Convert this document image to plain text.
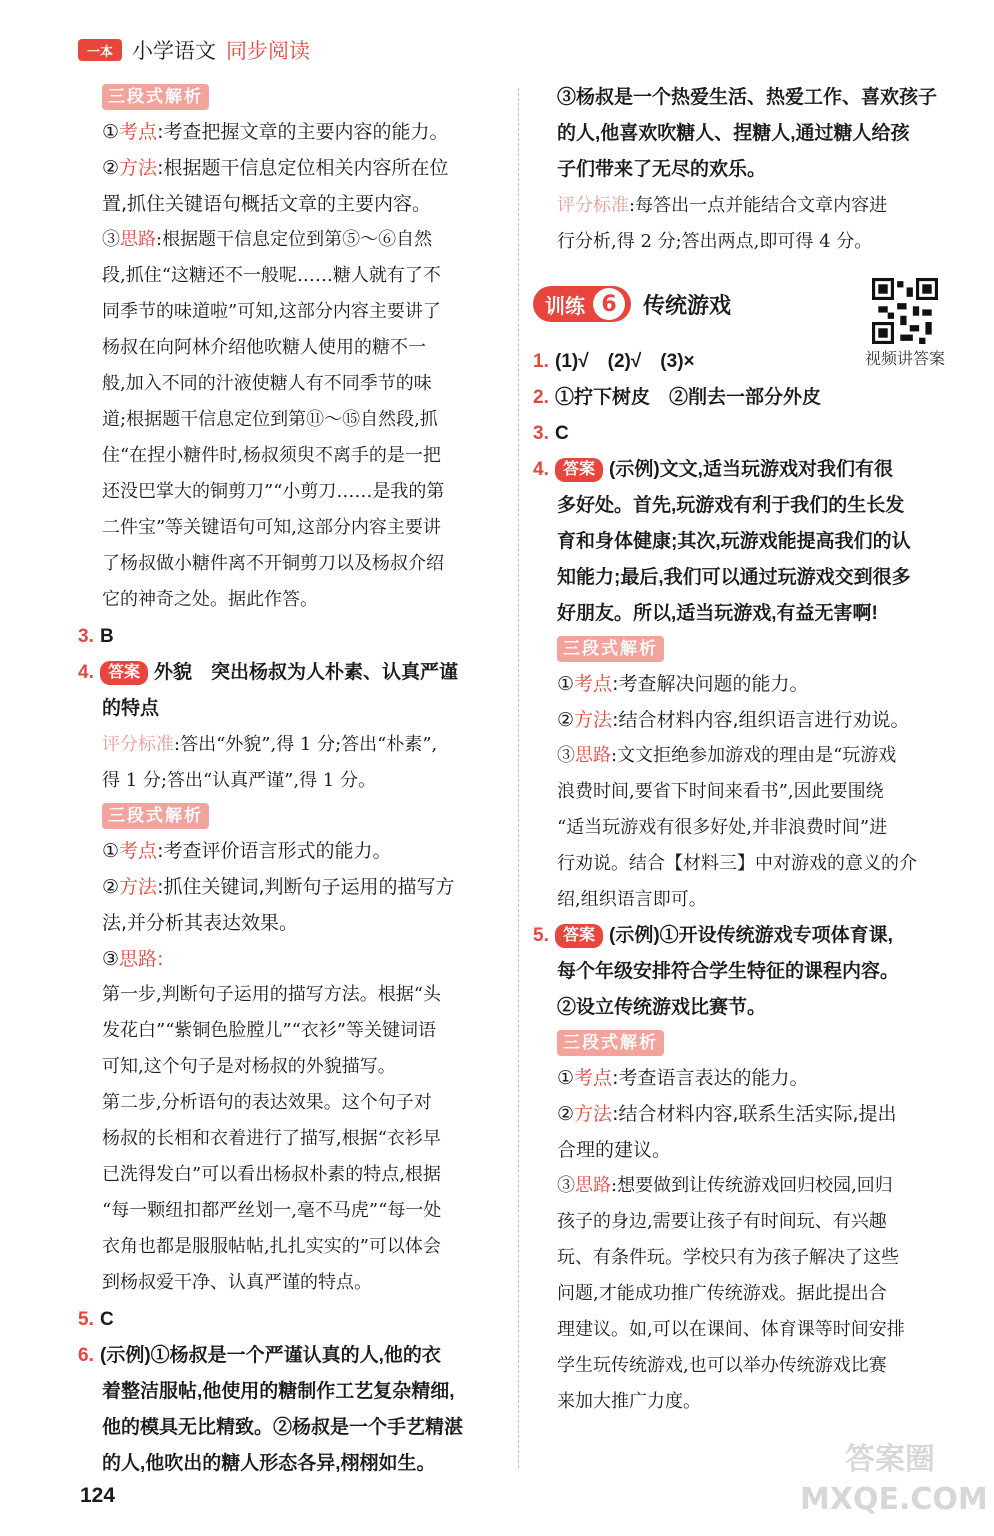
一本 小学语文 同步阅读
三段式解析
①考点:考查把握文章的主要内容的能力。
②方法:根据题干信息定位相关内容所在位
置,抓住关键语句概括文章的主要内容。
③思路:根据题干信息定位到第⑤～⑥自然
段,抓住“这糖还不一般呢……糖人就有了不
同季节的味道啦”可知,这部分内容主要讲了
杨叔在向阿林介绍他吹糖人使用的糖不一
般,加入不同的汁液使糖人有不同季节的味
道;根据题干信息定位到第⑪～⑮自然段,抓
住“在捏小糖件时,杨叔须臾不离手的是一把
还没巴掌大的铜剪刀”“小剪刀……是我的第
二件宝”等关键语句可知,这部分内容主要讲
了杨叔做小糖件离不开铜剪刀以及杨叔介绍
它的神奇之处。据此作答。
3. B
4. 答案 外貌　突出杨叔为人朴素、认真严谨
的特点
评分标准:答出“外貌”,得 1 分;答出“朴素”,
得 1 分;答出“认真严谨”,得 1 分。
三段式解析
①考点:考查评价语言形式的能力。
②方法:抓住关键词,判断句子运用的描写方
法,并分析其表达效果。
③思路:
第一步,判断句子运用的描写方法。根据“头
发花白”“紫铜色脸膛儿”“衣衫”等关键词语
可知,这个句子是对杨叔的外貌描写。
第二步,分析语句的表达效果。这个句子对
杨叔的长相和衣着进行了描写,根据“衣衫早
已洗得发白”可以看出杨叔朴素的特点,根据
“每一颗纽扣都严丝划一,毫不马虎”“每一处
衣角也都是服服帖帖,扎扎实实的”可以体会
到杨叔爱干净、认真严谨的特点。
5. C
6. (示例)①杨叔是一个严谨认真的人,他的衣
着整洁服帖,他使用的糖制作工艺复杂精细,
他的模具无比精致。②杨叔是一个手艺精湛
的人,他吹出的糖人形态各异,栩栩如生。
③杨叔是一个热爱生活、热爱工作、喜欢孩子
的人,他喜欢吹糖人、捏糖人,通过糖人给孩
子们带来了无尽的欢乐。
评分标准:每答出一点并能结合文章内容进
行分析,得 2 分;答出两点,即可得 4 分。
训练 6	传统游戏
1. (1)√　(2)√　(3)×
2. ①拧下树皮　②削去一部分外皮
3. C
4. 答案 (示例)文文,适当玩游戏对我们有很
多好处。首先,玩游戏有利于我们的生长发
育和身体健康;其次,玩游戏能提高我们的认
知能力;最后,我们可以通过玩游戏交到很多
好朋友。所以,适当玩游戏,有益无害啊!
三段式解析
①考点:考查解决问题的能力。
②方法:结合材料内容,组织语言进行劝说。
③思路:文文拒绝参加游戏的理由是“玩游戏
浪费时间,要省下时间来看书”,因此要围绕
“适当玩游戏有很多好处,并非浪费时间”进
行劝说。结合【材料三】中对游戏的意义的介
绍,组织语言即可。
5. 答案 (示例)①开设传统游戏专项体育课,
每个年级安排符合学生特征的课程内容。
②设立传统游戏比赛节。
三段式解析
①考点:考查语言表达的能力。
②方法:结合材料内容,联系生活实际,提出
合理的建议。
③思路:想要做到让传统游戏回归校园,回归
孩子的身边,需要让孩子有时间玩、有兴趣
玩、有条件玩。学校只有为孩子解决了这些
问题,才能成功推广传统游戏。据此提出合
理建议。如,可以在课间、体育课等时间安排
学生玩传统游戏,也可以举办传统游戏比赛
来加大推广力度。
视频讲答案
124
答案圈
MXQE.COM
